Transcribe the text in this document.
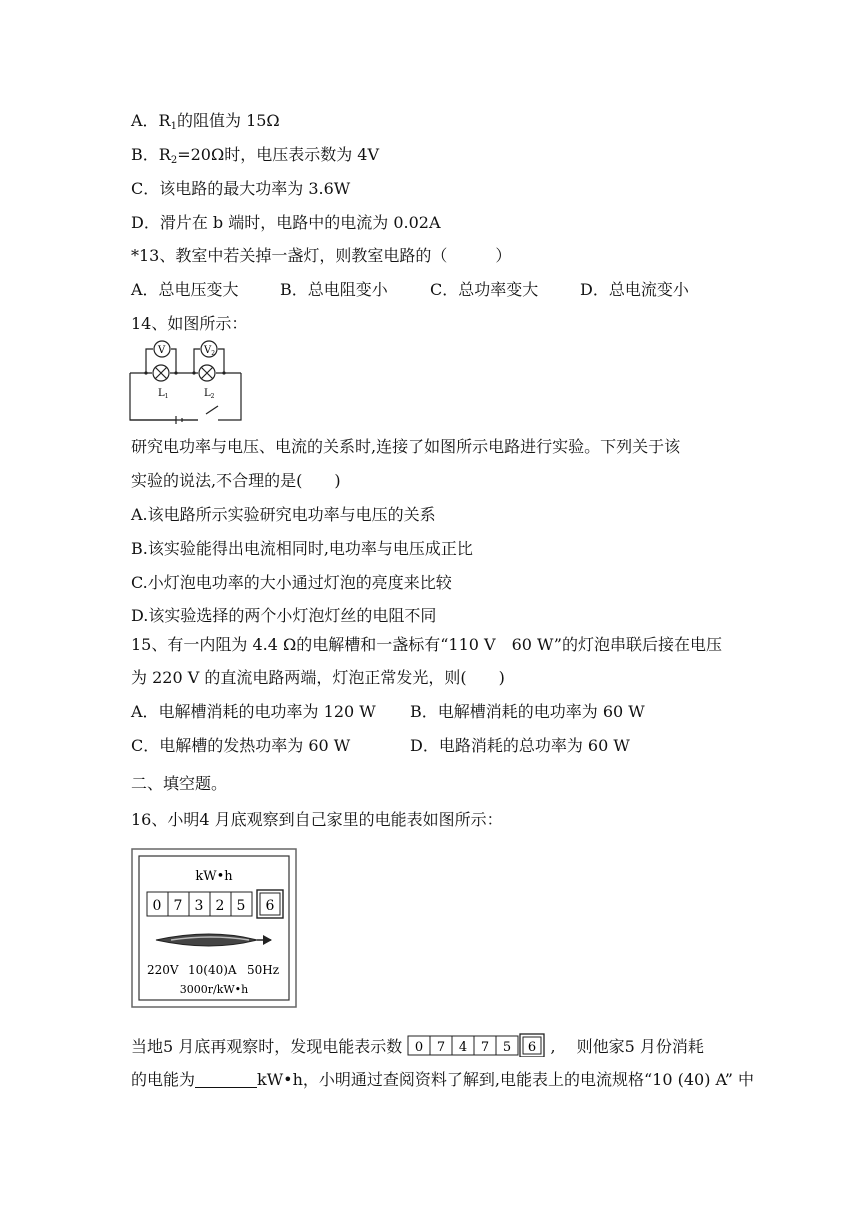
A．$R_1$的阻值为 15Ω
B．$R_2=20\Omega$时，电压表示数为 4V
C．该电路的最大功率为 3.6W
D．滑片在 b 端时，电路中的电流为 0.02A
*13、教室中若关掉一盏灯，则教室电路的（　　　）
A．总电压变大	B．总电阻变小	C．总功率变大	D．总电流变小
14、如图所示：
V	$V_2$
$L_1$	$L_2$
研究电功率与电压、电流的关系时,连接了如图所示电路进行实验。下列关于该
实验的说法,不合理的是(　　)
A.该电路所示实验研究电功率与电压的关系
B.该实验能得出电流相同时,电功率与电压成正比
C.小灯泡电功率的大小通过灯泡的亮度来比较
D.该实验选择的两个小灯泡灯丝的电阻不同
15、有一内阻为 4.4 Ω的电解槽和一盏标有“110 V　60 W”的灯泡串联后接在电压
为 220 V 的直流电路两端，灯泡正常发光，则(　　)
A．电解槽消耗的电功率为 120 W B．电解槽消耗的电功率为 60 W
C．电解槽的发热功率为 60 W	D．电路消耗的总功率为 60 W
二、填空题。
16、小明4 月底观察到自己家里的电能表如图所示：
kW•h
0 7 3 2 5 6
220V 10(40)A 50Hz
3000r/kW•h
当地5 月底再观察时，发现电能表示数 0 7 4 7 5 6 ,　 则他家5 月份消耗
的电能为	kW•h，小明通过查阅资料了解到,电能表上的电流规格“10 (40) A” 中
